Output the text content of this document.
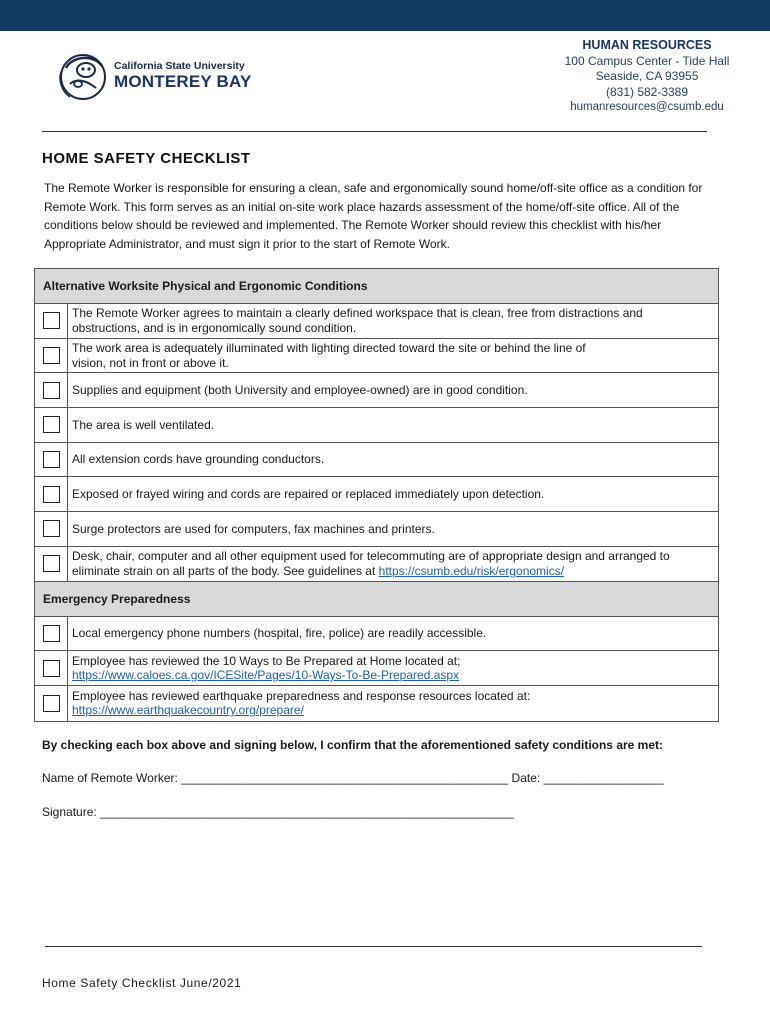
California State University
MONTEREY BAY
HUMAN RESOURCES
100 Campus Center - Tide Hall
Seaside, CA 93955
(831) 582-3389
humanresources@csumb.edu
HOME SAFETY CHECKLIST
The Remote Worker is responsible for ensuring a clean, safe and ergonomically sound home/off-site office as a condition for Remote Work. This form serves as an initial on-site work place hazards assessment of the home/off-site office. All of the conditions below should be reviewed and implemented. The Remote Worker should review this checklist with his/her Appropriate Administrator, and must sign it prior to the start of Remote Work.
Alternative Worksite Physical and Ergonomic Conditions
The Remote Worker agrees to maintain a clearly defined workspace that is clean, free from distractions and
obstructions, and is in ergonomically sound condition.
The work area is adequately illuminated with lighting directed toward the site or behind the line of
vision, not in front or above it.
Supplies and equipment (both University and employee-owned) are in good condition.
The area is well ventilated.
All extension cords have grounding conductors.
Exposed or frayed wiring and cords are repaired or replaced immediately upon detection.
Surge protectors are used for computers, fax machines and printers.
Desk, chair, computer and all other equipment used for telecommuting are of appropriate design and arranged to
eliminate strain on all parts of the body. See guidelines at https://csumb.edu/risk/ergonomics/
Emergency Preparedness
Local emergency phone numbers (hospital, fire, police) are readily accessible.
Employee has reviewed the 10 Ways to Be Prepared at Home located at;
https://www.caloes.ca.gov/ICESite/Pages/10-Ways-To-Be-Prepared.aspx
Employee has reviewed earthquake preparedness and response resources located at:
https://www.earthquakecountry.org/prepare/
By checking each box above and signing below, I confirm that the aforementioned safety conditions are met:
Name of Remote Worker: _________________________________________________ Date: __________________
Signature: ______________________________________________________________
Home Safety Checklist June/2021
